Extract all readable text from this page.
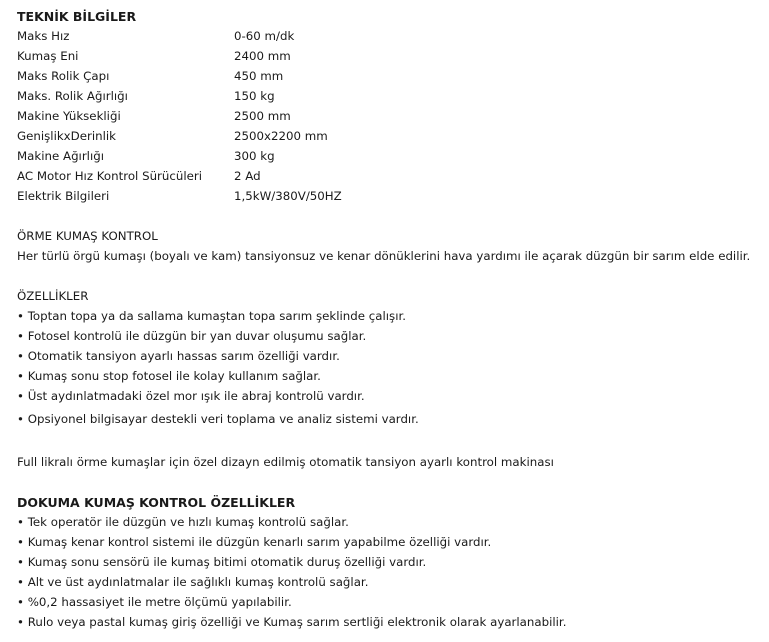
TEKNİK BİLGİLER
Maks Hız	0-60 m/dk
Kumaş Eni	2400 mm
Maks Rolik Çapı	450 mm
Maks. Rolik Ağırlığı	150 kg
Makine Yüksekliği	2500 mm
GenişlikxDerinlik	2500x2200 mm
Makine Ağırlığı	300 kg
AC Motor Hız Kontrol Sürücüleri	2 Ad
Elektrik Bilgileri	1,5kW/380V/50HZ
ÖRME KUMAŞ KONTROL
Her türlü örgü kumaşı (boyalı ve kam) tansiyonsuz ve kenar dönüklerini hava yardımı ile açarak düzgün bir sarım elde edilir.
ÖZELLİKLER
• Toptan topa ya da sallama kumaştan topa sarım şeklinde çalışır.
• Fotosel kontrolü ile düzgün bir yan duvar oluşumu sağlar.
• Otomatik tansiyon ayarlı hassas sarım özelliği vardır.
• Kumaş sonu stop fotosel ile kolay kullanım sağlar.
• Üst aydınlatmadaki özel mor ışık ile abraj kontrolü vardır.
• Opsiyonel bilgisayar destekli veri toplama ve analiz sistemi vardır.
Full likralı örme kumaşlar için özel dizayn edilmiş otomatik tansiyon ayarlı kontrol makinası
DOKUMA KUMAŞ KONTROL ÖZELLİKLER
• Tek operatör ile düzgün ve hızlı kumaş kontrolü sağlar.
• Kumaş kenar kontrol sistemi ile düzgün kenarlı sarım yapabilme özelliği vardır.
• Kumaş sonu sensörü ile kumaş bitimi otomatik duruş özelliği vardır.
• Alt ve üst aydınlatmalar ile sağlıklı kumaş kontrolü sağlar.
• %0,2 hassasiyet ile metre ölçümü yapılabilir.
• Rulo veya pastal kumaş giriş özelliği ve Kumaş sarım sertliği elektronik olarak ayarlanabilir.
